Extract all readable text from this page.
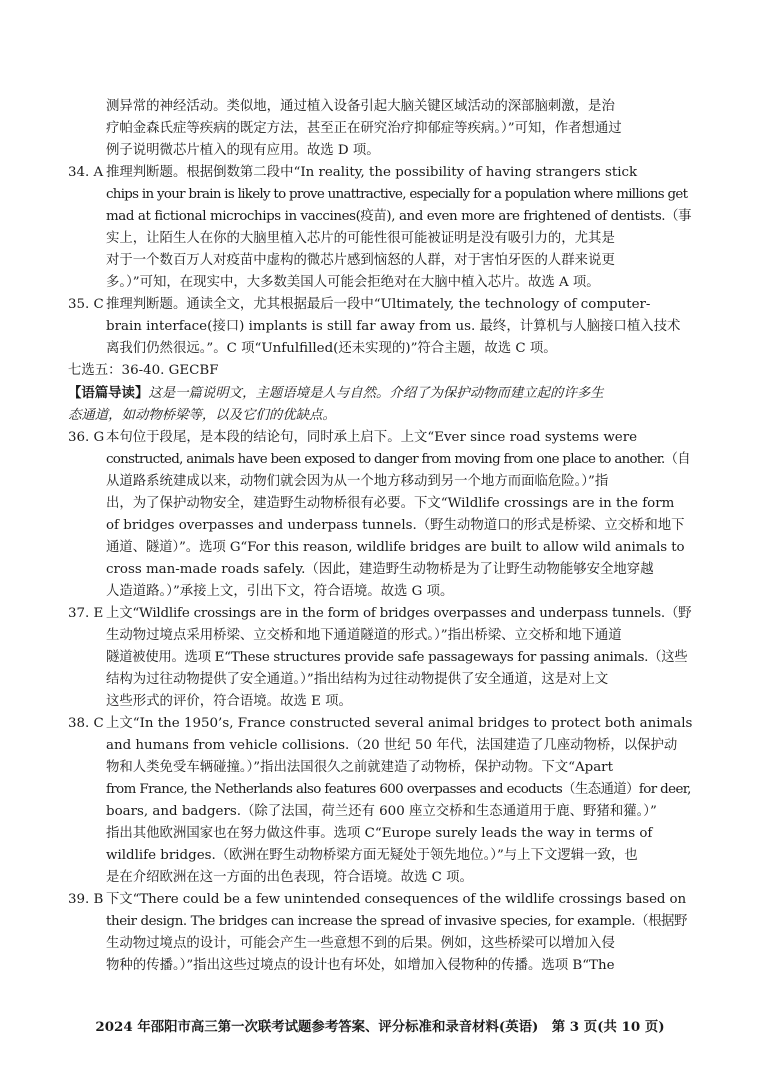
测异常的神经活动。类似地，通过植入设备引起大脑关键区域活动的深部脑刺激，是治

疗帕金森氏症等疾病的既定方法，甚至正在研究治疗抑郁症等疾病。）”可知，作者想通过

例子说明微芯片植入的现有应用。故选 D 项。

34. A 推理判断题。根据倒数第二段中“In reality, the possibility of having strangers stick

chips in your brain is likely to prove unattractive, especially for a population where millions get

mad at fictional microchips in vaccines(疫苗), and even more are frightened of dentists.（事

实上，让陌生人在你的大脑里植入芯片的可能性很可能被证明是没有吸引力的，尤其是

对于一个数百万人对疫苗中虚构的微芯片感到恼怒的人群，对于害怕牙医的人群来说更

多。）”可知，在现实中，大多数美国人可能会拒绝对在大脑中植入芯片。故选 A 项。

35. C 推理判断题。通读全文，尤其根据最后一段中“Ultimately, the technology of computer-

brain interface(接口) implants is still far away from us. 最终，计算机与人脑接口植入技术

离我们仍然很远。”。C 项“Unfulfilled(还未实现的)”符合主题，故选 C 项。

七选五：36-40. GECBF

【语篇导读】这是一篇说明文，主题语境是人与自然。介绍了为保护动物而建立起的许多生

态通道，如动物桥梁等，以及它们的优缺点。

36. G 本句位于段尾，是本段的结论句，同时承上启下。上文“Ever since road systems were

constructed, animals have been exposed to danger from moving from one place to another.（自

从道路系统建成以来，动物们就会因为从一个地方移动到另一个地方而面临危险。）”指

出，为了保护动物安全，建造野生动物桥很有必要。下文“Wildlife crossings are in the form

of bridges overpasses and underpass tunnels.（野生动物道口的形式是桥梁、立交桥和地下

通道、隧道）”。选项 G“For this reason, wildlife bridges are built to allow wild animals to

cross man-made roads safely.（因此，建造野生动物桥是为了让野生动物能够安全地穿越

人造道路。）”承接上文，引出下文，符合语境。故选 G 项。

37. E 上文“Wildlife crossings are in the form of bridges overpasses and underpass tunnels.（野

生动物过境点采用桥梁、立交桥和地下通道隧道的形式。）”指出桥梁、立交桥和地下通道

隧道被使用。选项 E“These structures provide safe passageways for passing animals.（这些

结构为过往动物提供了安全通道。）”指出结构为过往动物提供了安全通道，这是对上文

这些形式的评价，符合语境。故选 E 项。

38. C 上文“In the 1950’s, France constructed several animal bridges to protect both animals

and humans from vehicle collisions.（20 世纪 50 年代，法国建造了几座动物桥，以保护动

物和人类免受车辆碰撞。）”指出法国很久之前就建造了动物桥，保护动物。下文“Apart

from France, the Netherlands also features 600 overpasses and ecoducts（生态通道）for deer,

boars, and badgers.（除了法国，荷兰还有 600 座立交桥和生态通道用于鹿、野猪和獾。）”

指出其他欧洲国家也在努力做这件事。选项 C“Europe surely leads the way in terms of

wildlife bridges.（欧洲在野生动物桥梁方面无疑处于领先地位。）”与上下文逻辑一致，也

是在介绍欧洲在这一方面的出色表现，符合语境。故选 C 项。

39. B 下文“There could be a few unintended consequences of the wildlife crossings based on

their design. The bridges can increase the spread of invasive species, for example.（根据野

生动物过境点的设计，可能会产生一些意想不到的后果。例如，这些桥梁可以增加入侵

物种的传播。）”指出这些过境点的设计也有坏处，如增加入侵物种的传播。选项 B“The

2024 年邵阳市高三第一次联考试题参考答案、评分标准和录音材料(英语)　第 3 页(共 10 页)
